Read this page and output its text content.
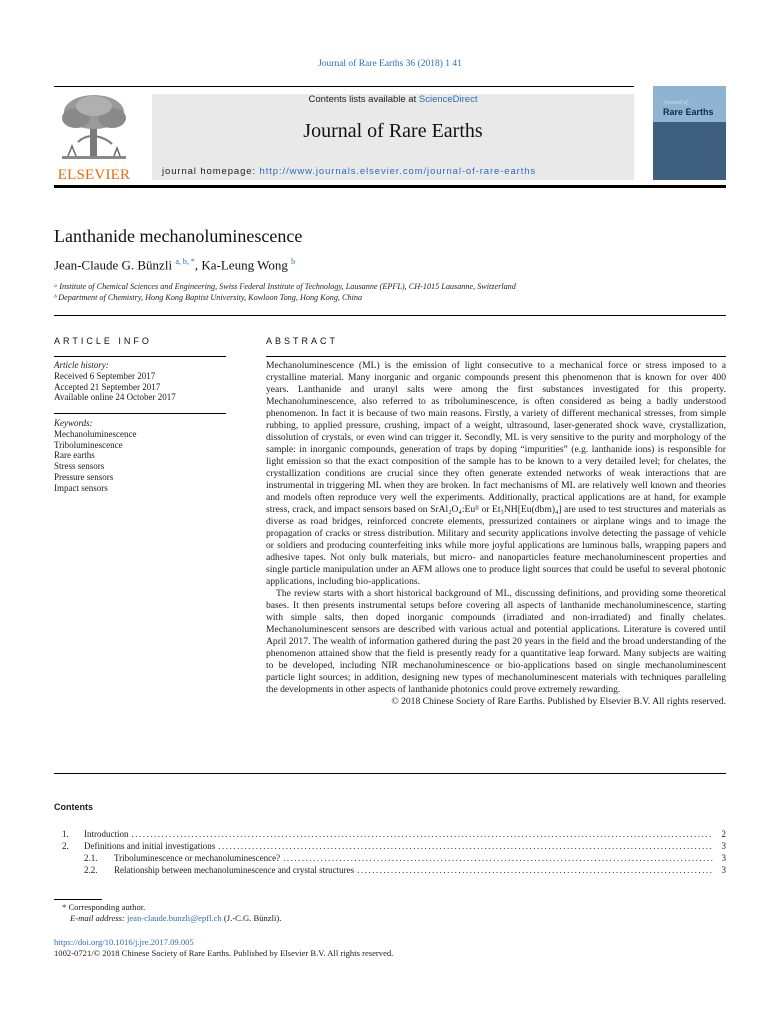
Journal of Rare Earths 36 (2018) 1 41
ELSEVIER
Contents lists available at ScienceDirect
Journal of Rare Earths
journal homepage: http://www.journals.elsevier.com/journal-of-rare-earths
Journal of
Rare Earths
Lanthanide mechanoluminescence
Jean-Claude G. Bünzli $^{a, b, *}$, Ka-Leung Wong $^b$
ᵃ Institute of Chemical Sciences and Engineering, Swiss Federal Institute of Technology, Lausanne (EPFL), CH-1015 Lausanne, Switzerland
ᵇ Department of Chemistry, Hong Kong Baptist University, Kowloon Tong, Hong Kong, China
ARTICLE INFO
Article history:
Received 6 September 2017
Accepted 21 September 2017
Available online 24 October 2017
Keywords:
Mechanoluminescence
Triboluminescence
Rare earths
Stress sensors
Pressure sensors
Impact sensors
ABSTRACT

Mechanoluminescence (ML) is the emission of light consecutive to a mechanical force or stress imposed to a crystalline material. Many inorganic and organic compounds present this phenomenon that is known for over 400 years. Lanthanide and uranyl salts were among the first substances investigated for this property. Mechanoluminescence, also referred to as triboluminescence, is often considered as being a badly understood phenomenon. In fact it is because of two main reasons. Firstly, a variety of different mechanical stresses, from simple rubbing, to applied pressure, crushing, impact of a weight, ultrasound, laser-generated shock wave, crystallization, dissolution of crystals, or even wind can trigger it. Secondly, ML is very sensitive to the purity and morphology of the sample: in inorganic compounds, generation of traps by doping “impurities” (e.g. lanthanide ions) is responsible for light emission so that the exact composition of the sample has to be known to a very detailed level; for chelates, the crystallization conditions are crucial since they often generate extended networks of weak interactions that are instrumental in triggering ML when they are broken. In fact mechanisms of ML are relatively well known and theories and models often reproduce very well the experiments. Additionally, practical applications are at hand, for example stress, crack, and impact sensors based on SrAl₂O₄:Euᴵᴵ or Et₃NH[Eu(dbm)₄] are used to test structures and materials as diverse as road bridges, reinforced concrete elements, pressurized containers or airplane wings and to image the propagation of cracks or stress distribution. Military and security applications involve detecting the passage of vehicle or soldiers and producing counterfeiting inks while more joyful applications are luminous balls, wrapping papers and adhesive tapes. Not only bulk materials, but micro- and nanoparticles feature mechanoluminescent properties and single particle manipulation under an AFM allows one to produce light sources that could be useful to several photonic applications, including bio-applications.

The review starts with a short historical background of ML, discussing definitions, and providing some theoretical bases. It then presents instrumental setups before covering all aspects of lanthanide mechanoluminescence, starting with simple salts, then doped inorganic compounds (irradiated and non-irradiated) and finally chelates. Mechanoluminescent sensors are described with various actual and potential applications. Literature is covered until April 2017. The wealth of information gathered during the past 20 years in the field and the broad understanding of the phenomenon attained show that the field is presently ready for a quantitative leap forward. Many subjects are waiting to be developed, including NIR mechanoluminescence or bio-applications based on single mechanoluminescent particle light sources; in addition, designing new types of mechanoluminescent materials with techniques paralleling the developments in other aspects of lanthanide photonics could prove extremely rewarding.

© 2018 Chinese Society of Rare Earths. Published by Elsevier B.V. All rights reserved.
Contents
1.	Introduction .....	2
2.	Definitions and initial investigations .....	3
2.1.	Triboluminescence or mechanoluminescence? .....	3
2.2.	Relationship between mechanoluminescence and crystal structures .....	3
* Corresponding author.
E-mail address: jean-claude.bunzli@epfl.ch (J.-C.G. Bünzli).
https://doi.org/10.1016/j.jre.2017.09.005
1002-0721/© 2018 Chinese Society of Rare Earths. Published by Elsevier B.V. All rights reserved.
